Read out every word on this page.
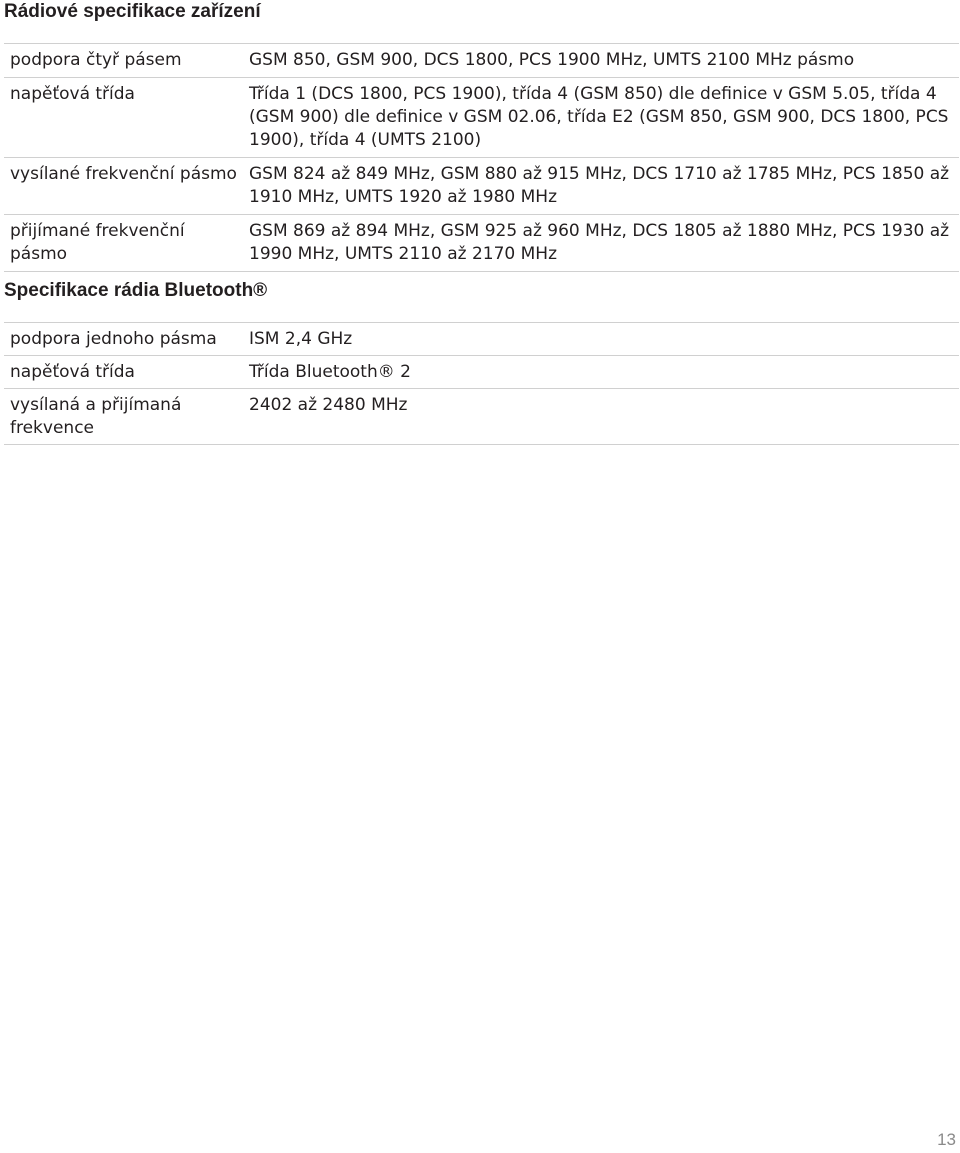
Rádiové specifikace zařízení
podpora čtyř pásem	GSM 850, GSM 900, DCS 1800, PCS 1900 MHz, UMTS 2100 MHz pásmo
napěťová třída	Třída 1 (DCS 1800, PCS 1900), třída 4 (GSM 850) dle definice v GSM 5.05, třída 4 (GSM 900) dle definice v GSM 02.06, třída E2 (GSM 850, GSM 900, DCS 1800, PCS 1900), třída 4 (UMTS 2100)
vysílané frekvenční pásmo	GSM 824 až 849 MHz, GSM 880 až 915 MHz, DCS 1710 až 1785 MHz, PCS 1850 až 1910 MHz, UMTS 1920 až 1980 MHz
přijímané frekvenční pásmo	GSM 869 až 894 MHz, GSM 925 až 960 MHz, DCS 1805 až 1880 MHz, PCS 1930 až 1990 MHz, UMTS 2110 až 2170 MHz
Specifikace rádia Bluetooth®
podpora jednoho pásma	ISM 2,4 GHz
napěťová třída	Třída Bluetooth® 2
vysílaná a přijímaná frekvence	2402 až 2480 MHz
13
